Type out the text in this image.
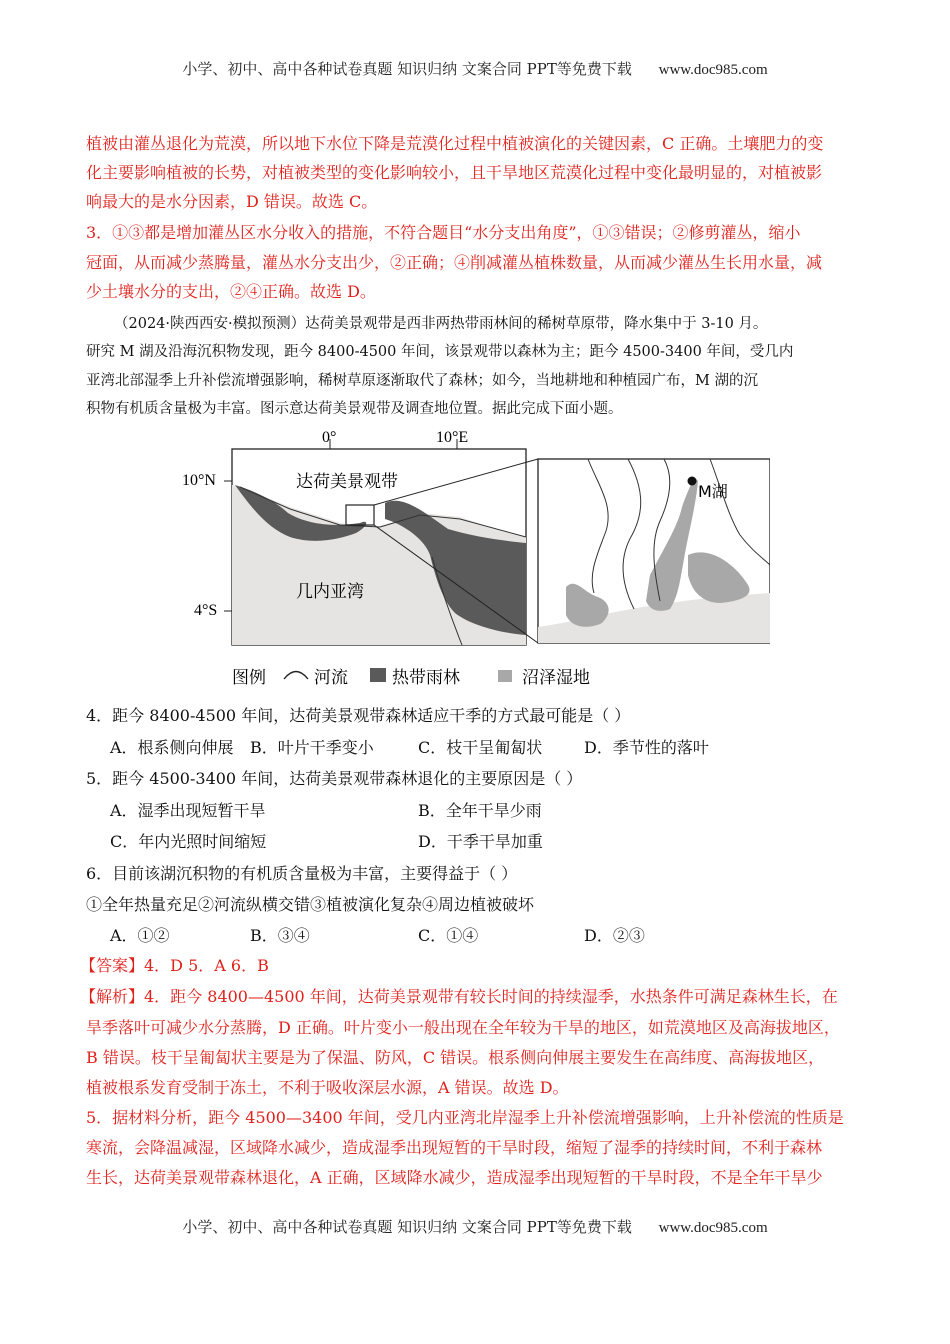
小学、初中、高中各种试卷真题 知识归纳 文案合同 PPT等免费下载 www.doc985.com
植被由灌丛退化为荒漠，所以地下水位下降是荒漠化过程中植被演化的关键因素，C 正确。土壤肥力的变
化主要影响植被的长势，对植被类型的变化影响较小，且干旱地区荒漠化过程中变化最明显的，对植被影
响最大的是水分因素，D 错误。故选 C。
3．①③都是增加灌丛区水分收入的措施，不符合题目“水分支出角度”，①③错误；②修剪灌丛，缩小
冠面，从而减少蒸腾量，灌丛水分支出少，②正确；④削减灌丛植株数量，从而减少灌丛生长用水量，减
少土壤水分的支出，②④正确。故选 D。
（2024·陕西西安·模拟预测）达荷美景观带是西非两热带雨林间的稀树草原带，降水集中于 3-10 月。
研究 M 湖及沿海沉积物发现，距今 8400-4500 年间，该景观带以森林为主；距今 4500-3400 年间，受几内
亚湾北部湿季上升补偿流增强影响，稀树草原逐渐取代了森林；如今，当地耕地和种植园广布，M 湖的沉
积物有机质含量极为丰富。图示意达荷美景观带及调查地位置。据此完成下面小题。
0°	10°E
10°N
4°S
达荷美景观带
几内亚湾
M湖
图例	河流	热带雨林	沼泽湿地
4．距今 8400-4500 年间，达荷美景观带森林适应干季的方式最可能是（ ）
A．根系侧向伸展 B．叶片干季变小	C．枝干呈匍匐状	D．季节性的落叶
5．距今 4500-3400 年间，达荷美景观带森林退化的主要原因是（ ）
A．湿季出现短暂干旱	B．全年干旱少雨
C．年内光照时间缩短	D．干季干旱加重
6．目前该湖沉积物的有机质含量极为丰富，主要得益于（ ）
①全年热量充足②河流纵横交错③植被演化复杂④周边植被破坏
A．①②	B．③④	C．①④	D．②③
【答案】4．D 5．A 6．B
【解析】4．距今 8400—4500 年间，达荷美景观带有较长时间的持续湿季，水热条件可满足森林生长，在
旱季落叶可减少水分蒸腾，D 正确。叶片变小一般出现在全年较为干旱的地区，如荒漠地区及高海拔地区，
B 错误。枝干呈匍匐状主要是为了保温、防风，C 错误。根系侧向伸展主要发生在高纬度、高海拔地区，
植被根系发育受制于冻土，不利于吸收深层水源，A 错误。故选 D。
5．据材料分析，距今 4500—3400 年间，受几内亚湾北岸湿季上升补偿流增强影响，上升补偿流的性质是
寒流，会降温减湿，区域降水减少，造成湿季出现短暂的干旱时段，缩短了湿季的持续时间，不利于森林
生长，达荷美景观带森林退化，A 正确，区域降水减少，造成湿季出现短暂的干旱时段，不是全年干旱少
小学、初中、高中各种试卷真题 知识归纳 文案合同 PPT等免费下载 www.doc985.com
